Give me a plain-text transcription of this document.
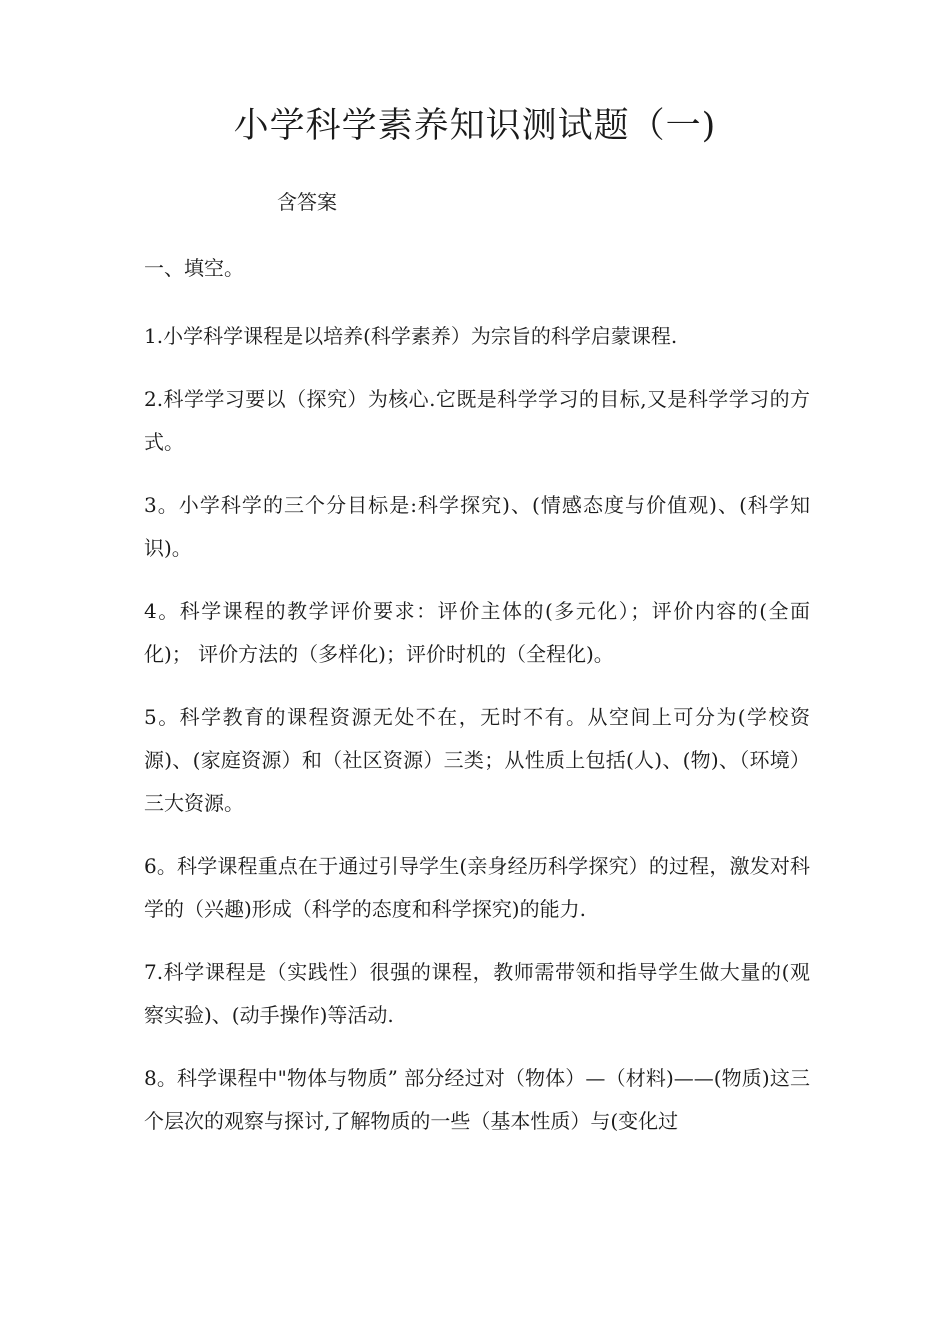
小学科学素养知识测试题（一)
含答案
一、填空。

1.小学科学课程是以培养(科学素养）为宗旨的科学启蒙课程.

2.科学学习要以（探究）为核心.它既是科学学习的目标,又是科学学习的方式。

3。小学科学的三个分目标是:科学探究)、(情感态度与价值观)、(科学知识)。

4。科学课程的教学评价要求：评价主体的(多元化）；评价内容的(全面化)； 评价方法的（多样化)；评价时机的（全程化)。

5。科学教育的课程资源无处不在，无时不有。从空间上可分为(学校资源)、(家庭资源）和（社区资源）三类；从性质上包括(人)、(物)、（环境）三大资源。

6。科学课程重点在于通过引导学生(亲身经历科学探究）的过程，激发对科学的（兴趣)形成（科学的态度和科学探究)的能力.

7.科学课程是（实践性）很强的课程，教师需带领和指导学生做大量的(观察实验)、(动手操作)等活动.

8。科学课程中"物体与物质” 部分经过对（物体）—（材料)——(物质)这三个层次的观察与探讨,了解物质的一些（基本性质）与(变化过
